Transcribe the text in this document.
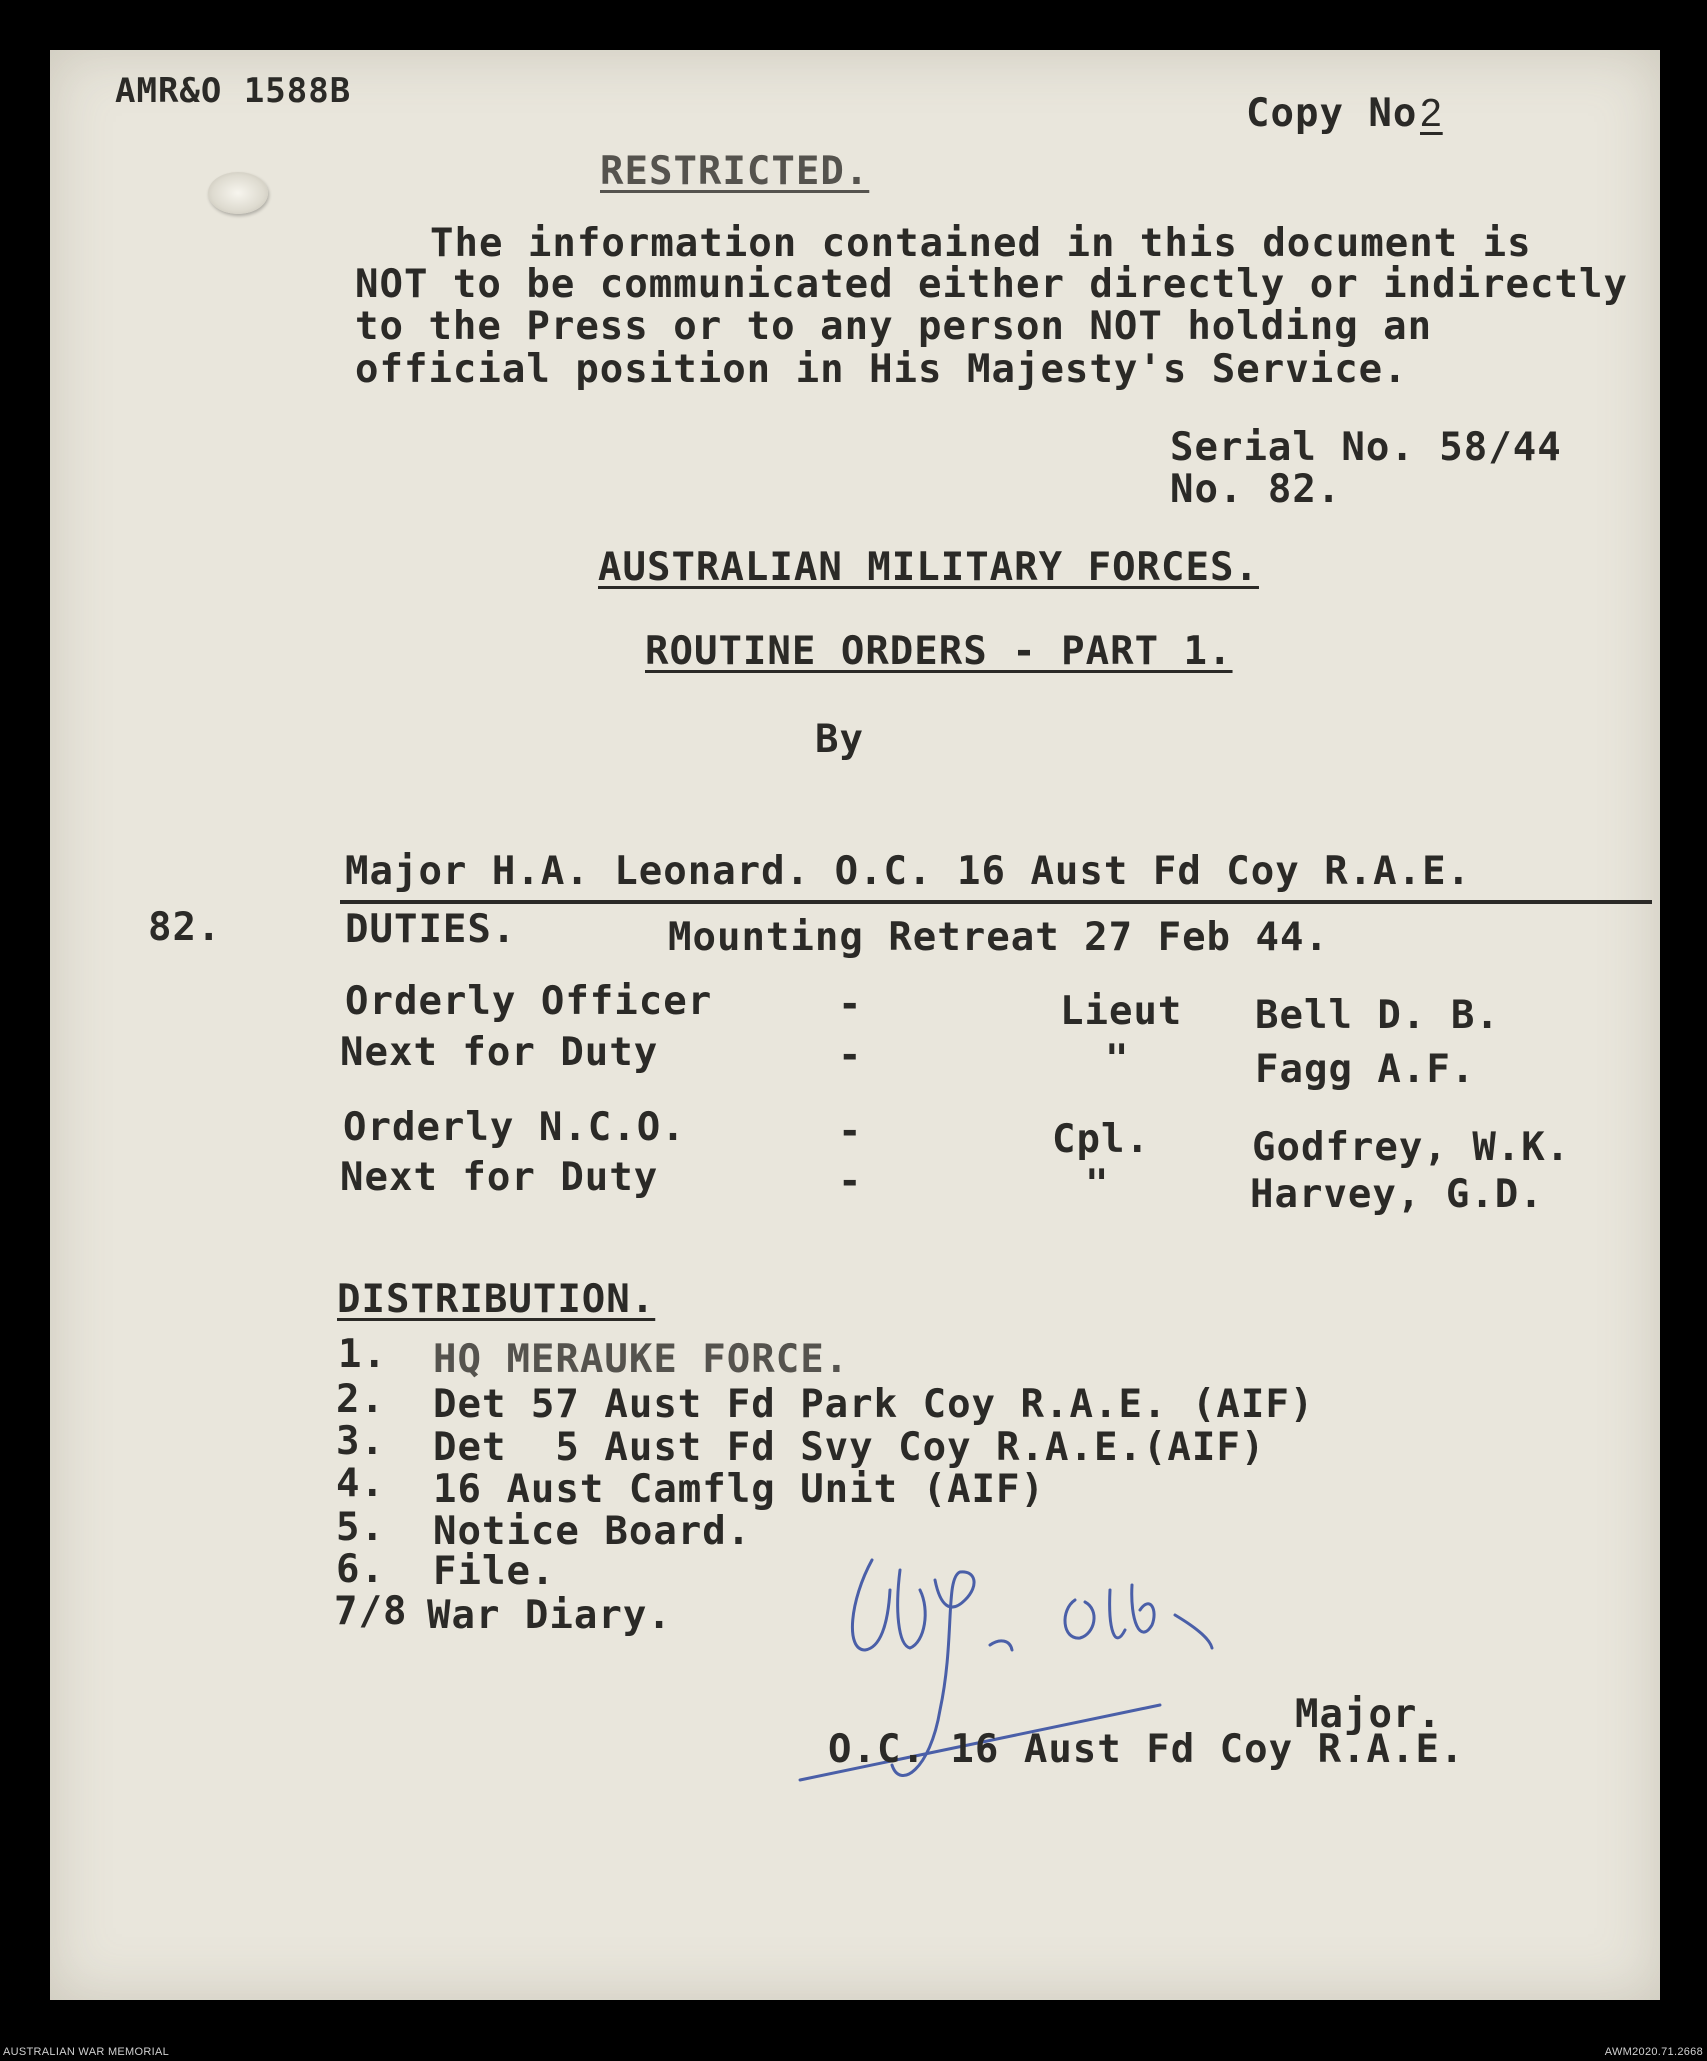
AMR&O 1588B	Copy No 2
RESTRICTED.
The information contained in this document is
NOT to be communicated either directly or indirectly
to the Press or to any person NOT holding an
official position in His Majesty's Service.
Serial No. 58/44
No. 82.
AUSTRALIAN MILITARY FORCES.
ROUTINE ORDERS - PART 1.
By
Major H.A. Leonard. O.C. 16 Aust Fd Coy R.A.E.
82.	DUTIES.	Mounting Retreat 27 Feb 44.
Orderly Officer	-	Lieut Bell D. B.
Next for Duty	-	"	Fagg A.F.
Orderly N.C.O.	-	Cpl.	Godfrey, W.K.
Next for Duty	-	"	Harvey, G.D.
DISTRIBUTION.
1. HQ MERAUKE FORCE.
2. Det 57 Aust Fd Park Coy R.A.E. (AIF)
3. Det  5 Aust Fd Svy Coy R.A.E.(AIF)
4. 16 Aust Camflg Unit (AIF)
5. Notice Board.
6. File.
7/8 War Diary.
Major.
O.C. 16 Aust Fd Coy R.A.E.
AUSTRALIAN WAR MEMORIAL	AWM2020.71.2668
